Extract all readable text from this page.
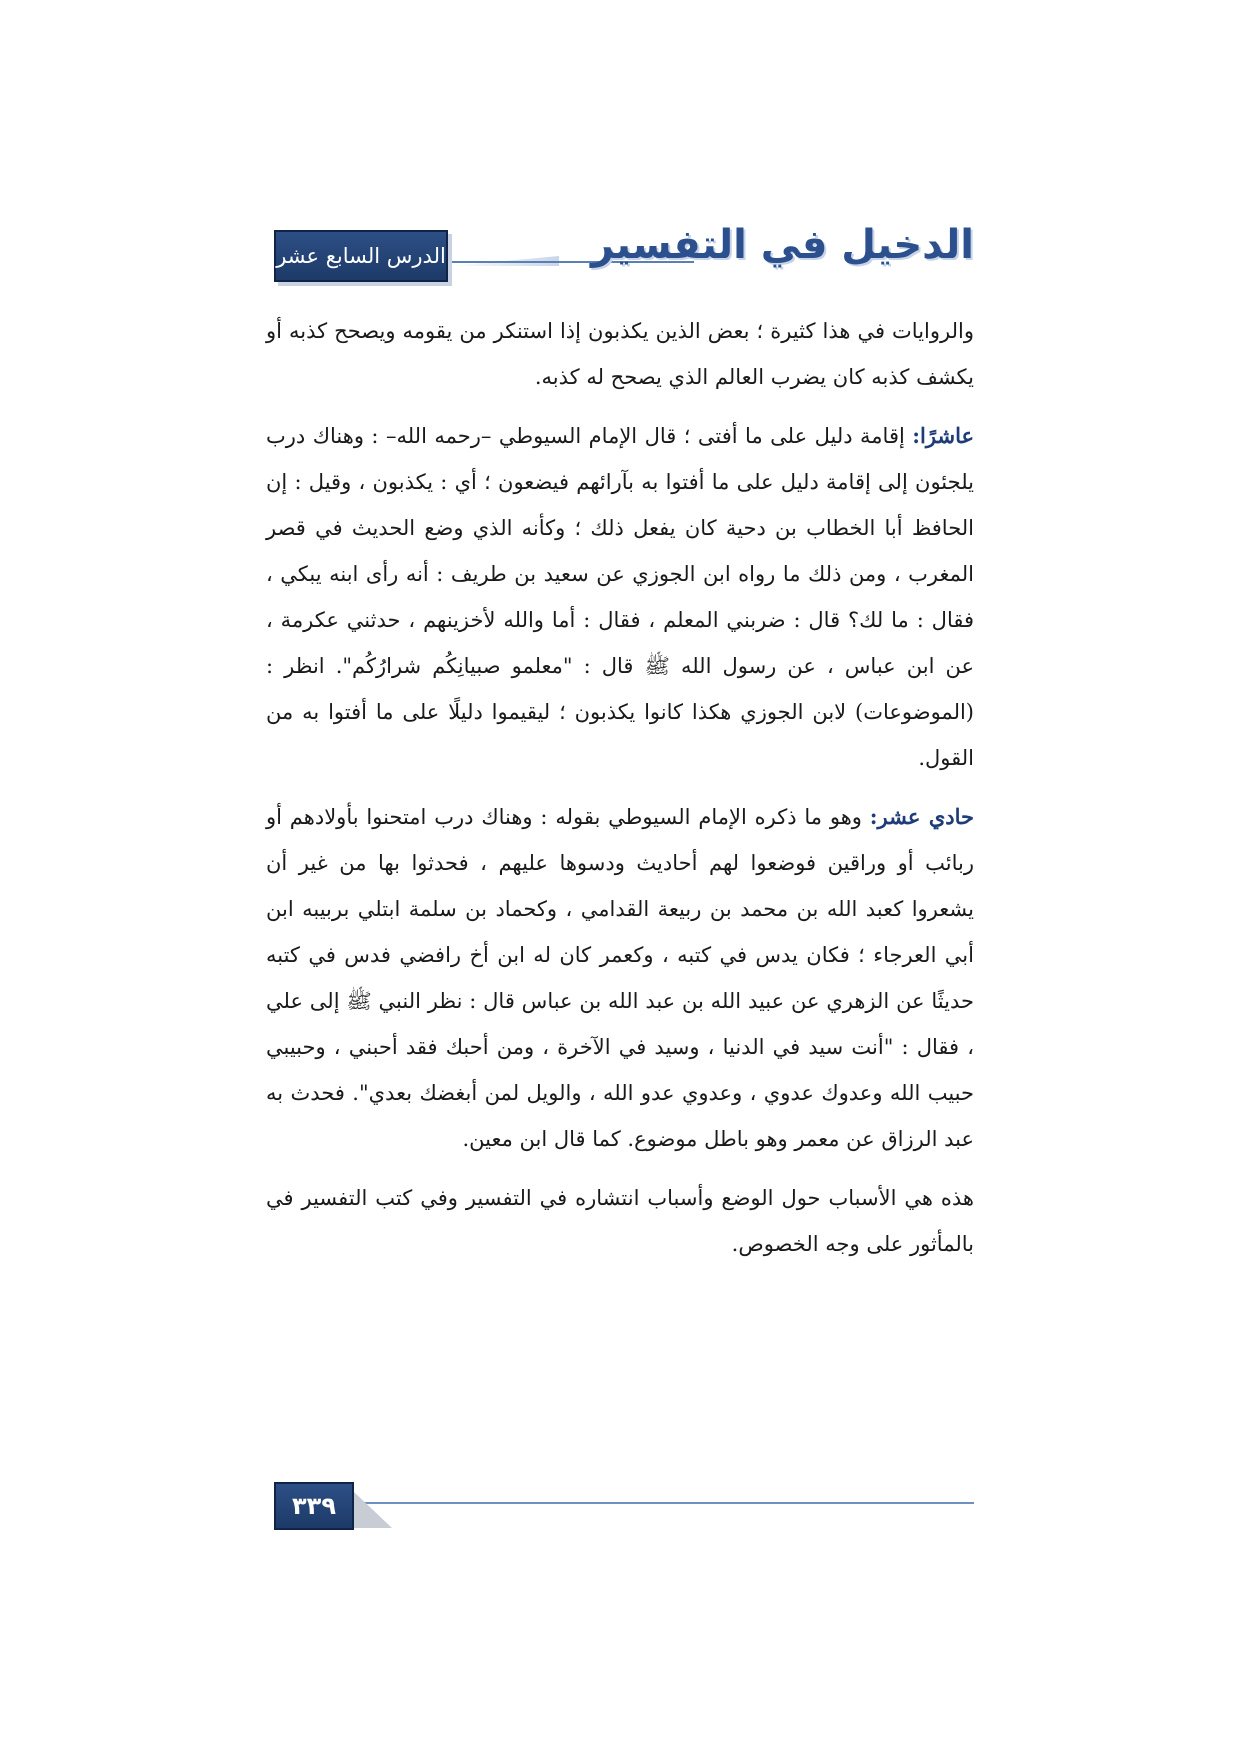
الدرس السابع عشر	الدخيل في التفسير

والروايات في هذا كثيرة ؛ بعض الذين يكذبون إذا استنكر من يقومه ويصحح كذبه أو يكشف كذبه كان يضرب العالم الذي يصحح له كذبه.

عاشرًا: إقامة دليل على ما أفتى ؛ قال الإمام السيوطي –رحمه الله– : وهناك درب يلجئون إلى إقامة دليل على ما أفتوا به بآرائهم فيضعون ؛ أي : يكذبون ، وقيل : إن الحافظ أبا الخطاب بن دحية كان يفعل ذلك ؛ وكأنه الذي وضع الحديث في قصر المغرب ، ومن ذلك ما رواه ابن الجوزي عن سعيد بن طريف : أنه رأى ابنه يبكي ، فقال : ما لك؟ قال : ضربني المعلم ، فقال : أما والله لأخزينهم ، حدثني عكرمة ، عن ابن عباس ، عن رسول الله ﷺ قال : "معلمو صبيانِكُم شرارُكُم". انظر : (الموضوعات) لابن الجوزي هكذا كانوا يكذبون ؛ ليقيموا دليلًا على ما أفتوا به من القول.

حادي عشر: وهو ما ذكره الإمام السيوطي بقوله : وهناك درب امتحنوا بأولادهم أو ربائب أو وراقين فوضعوا لهم أحاديث ودسوها عليهم ، فحدثوا بها من غير أن يشعروا كعبد الله بن محمد بن ربيعة القدامي ، وكحماد بن سلمة ابتلي بربيبه ابن أبي العرجاء ؛ فكان يدس في كتبه ، وكعمر كان له ابن أخ رافضي فدس في كتبه حديثًا عن الزهري عن عبيد الله بن عبد الله بن عباس قال : نظر النبي ﷺ إلى علي ، فقال : "أنت سيد في الدنيا ، وسيد في الآخرة ، ومن أحبك فقد أحبني ، وحبيبي حبيب الله وعدوك عدوي ، وعدوي عدو الله ، والويل لمن أبغضك بعدي". فحدث به عبد الرزاق عن معمر وهو باطل موضوع. كما قال ابن معين.

هذه هي الأسباب حول الوضع وأسباب انتشاره في التفسير وفي كتب التفسير في بالمأثور على وجه الخصوص.

٣٣٩
